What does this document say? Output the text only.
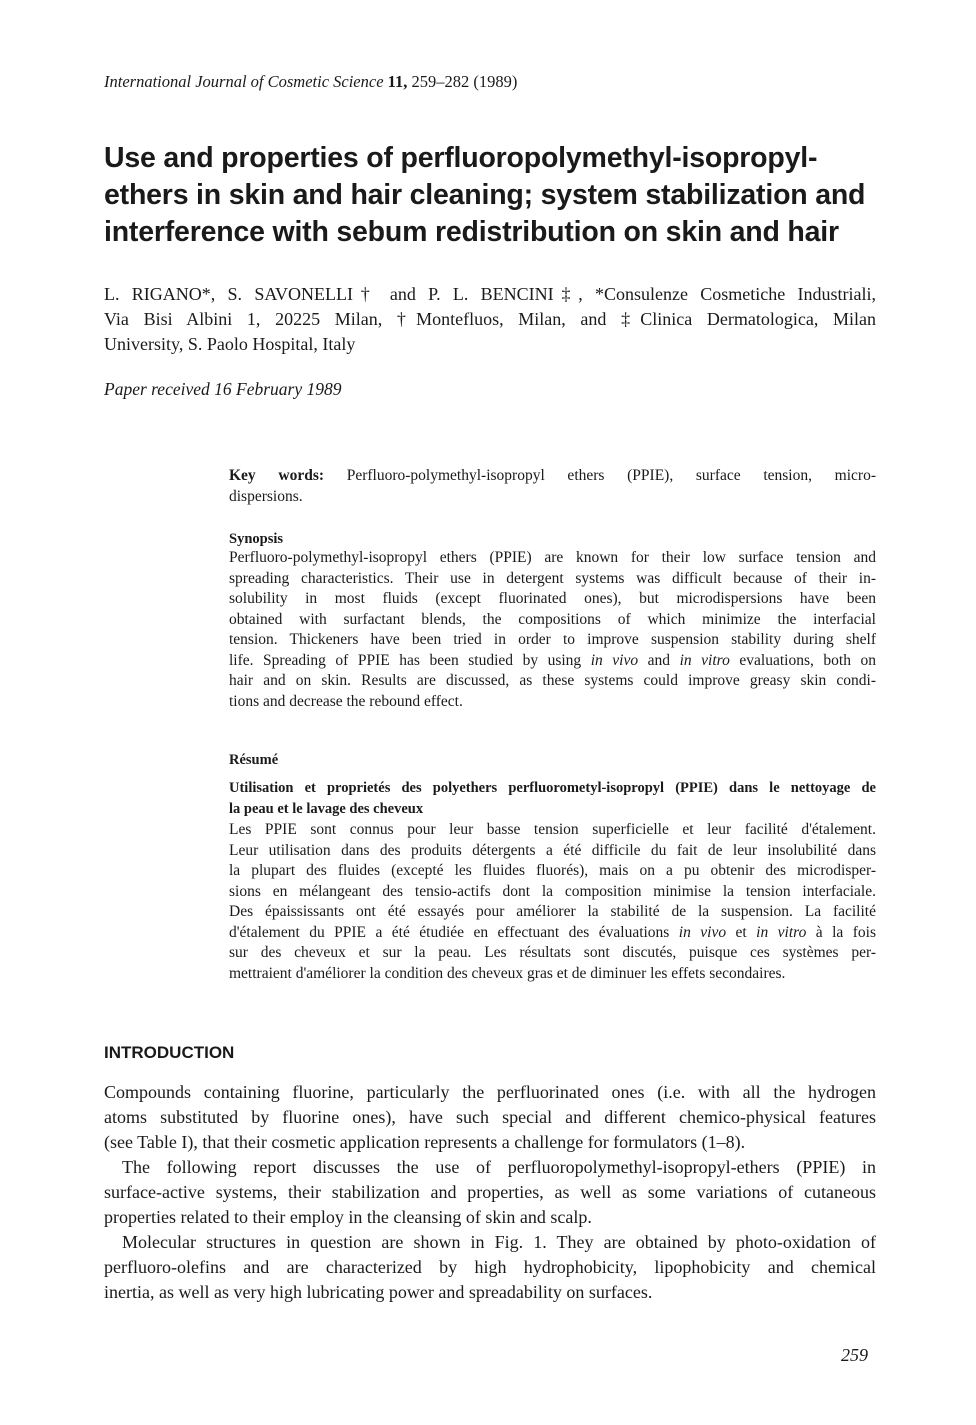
International Journal of Cosmetic Science 11, 259–282 (1989)
Use and properties of perfluoropolymethyl-isopropyl-
ethers in skin and hair cleaning; system stabilization and
interference with sebum redistribution on skin and hair
L. RIGANO*, S. SAVONELLI† and P. L. BENCINI‡, *Consulenze Cosmetiche Industriali,
Via Bisi Albini 1, 20225 Milan, †Montefluos, Milan, and ‡Clinica Dermatologica, Milan
University, S. Paolo Hospital, Italy
Paper received 16 February 1989
Key words: Perfluoro-polymethyl-isopropyl ethers (PPIE), surface tension, micro-
dispersions.
Synopsis
Perfluoro-polymethyl-isopropyl ethers (PPIE) are known for their low surface tension and
spreading characteristics. Their use in detergent systems was difficult because of their in-
solubility in most fluids (except fluorinated ones), but microdispersions have been
obtained with surfactant blends, the compositions of which minimize the interfacial
tension. Thickeners have been tried in order to improve suspension stability during shelf
life. Spreading of PPIE has been studied by using in vivo and in vitro evaluations, both on
hair and on skin. Results are discussed, as these systems could improve greasy skin condi-
tions and decrease the rebound effect.
Résumé
Utilisation et proprietés des polyethers perfluorometyl-isopropyl (PPIE) dans le nettoyage de
la peau et le lavage des cheveux
Les PPIE sont connus pour leur basse tension superficielle et leur facilité d'étalement.
Leur utilisation dans des produits détergents a été difficile du fait de leur insolubilité dans
la plupart des fluides (excepté les fluides fluorés), mais on a pu obtenir des microdisper-
sions en mélangeant des tensio-actifs dont la composition minimise la tension interfaciale.
Des épaississants ont été essayés pour améliorer la stabilité de la suspension. La facilité
d'étalement du PPIE a été étudiée en effectuant des évaluations in vivo et in vitro à la fois
sur des cheveux et sur la peau. Les résultats sont discutés, puisque ces systèmes per-
mettraient d'améliorer la condition des cheveux gras et de diminuer les effets secondaires.
INTRODUCTION
Compounds containing fluorine, particularly the perfluorinated ones (i.e. with all the hydrogen
atoms substituted by fluorine ones), have such special and different chemico-physical features
(see Table I), that their cosmetic application represents a challenge for formulators (1–8).
The following report discusses the use of perfluoropolymethyl-isopropyl-ethers (PPIE) in
surface-active systems, their stabilization and properties, as well as some variations of cutaneous
properties related to their employ in the cleansing of skin and scalp.
Molecular structures in question are shown in Fig. 1. They are obtained by photo-oxidation of
perfluoro-olefins and are characterized by high hydrophobicity, lipophobicity and chemical
inertia, as well as very high lubricating power and spreadability on surfaces.
259
